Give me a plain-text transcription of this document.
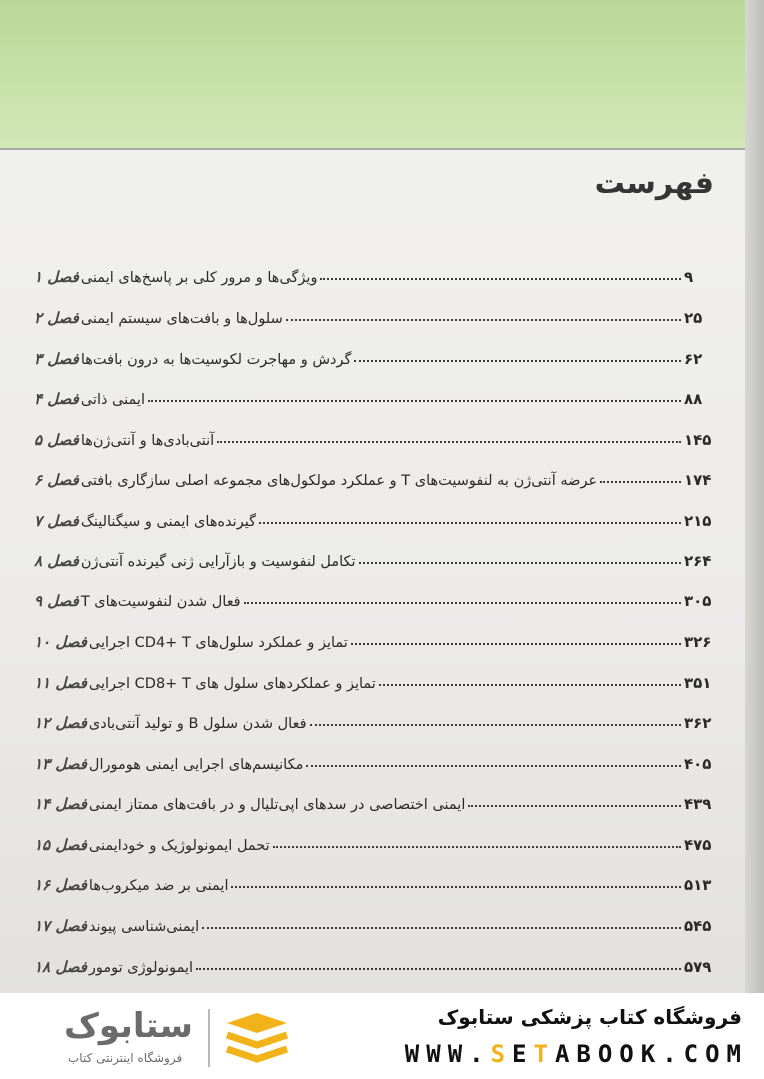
فهرست
فصل ۱	ویژگی‌ها و مرور کلی بر پاسخ‌های ایمنی	۹
فصل ۲	سلول‌ها و بافت‌های سیستم ایمنی	۲۵
فصل ۳	گردش و مهاجرت لکوسیت‌ها به درون بافت‌ها	۶۲
فصل ۴	ایمنی ذاتی	۸۸
فصل ۵	آنتی‌بادی‌ها و آنتی‌ژن‌ها	۱۴۵
فصل ۶	عرضه آنتی‌ژن به لنفوسیت‌های T و عملکرد مولکول‌های مجموعه اصلی سازگاری بافتی	۱۷۴
فصل ۷	گیرنده‌های ایمنی و سیگنالینگ	۲۱۵
فصل ۸	تکامل لنفوسیت و بازآرایی ژنی گیرنده آنتی‌ژن	۲۶۴
فصل ۹	فعال شدن لنفوسیت‌های T	۳۰۵
فصل ۱۰	تمایز و عملکرد سلول‌های CD4+ T اجرایی	۳۲۶
فصل ۱۱	تمایز و عملکردهای سلول های CD8+ T اجرایی	۳۵۱
فصل ۱۲	فعال شدن سلول B و تولید آنتی‌بادی	۳۶۲
فصل ۱۳	مکانیسم‌های اجرایی ایمنی هومورال	۴۰۵
فصل ۱۴	ایمنی اختصاصی در سدهای اپی‌تلیال و در بافت‌های ممتاز ایمنی	۴۳۹
فصل ۱۵	تحمل ایمونولوژیک و خودایمنی	۴۷۵
فصل ۱۶	ایمنی بر ضد میکروب‌ها	۵۱۳
فصل ۱۷	ایمنی‌شناسی پیوند	۵۴۵
فصل ۱۸	ایمونولوژی تومور	۵۷۹
ستابوک
فروشگاه اینترنتی کتاب
فروشگاه کتاب پزشکی ستابوک
WWW.SETABOOK.COM
